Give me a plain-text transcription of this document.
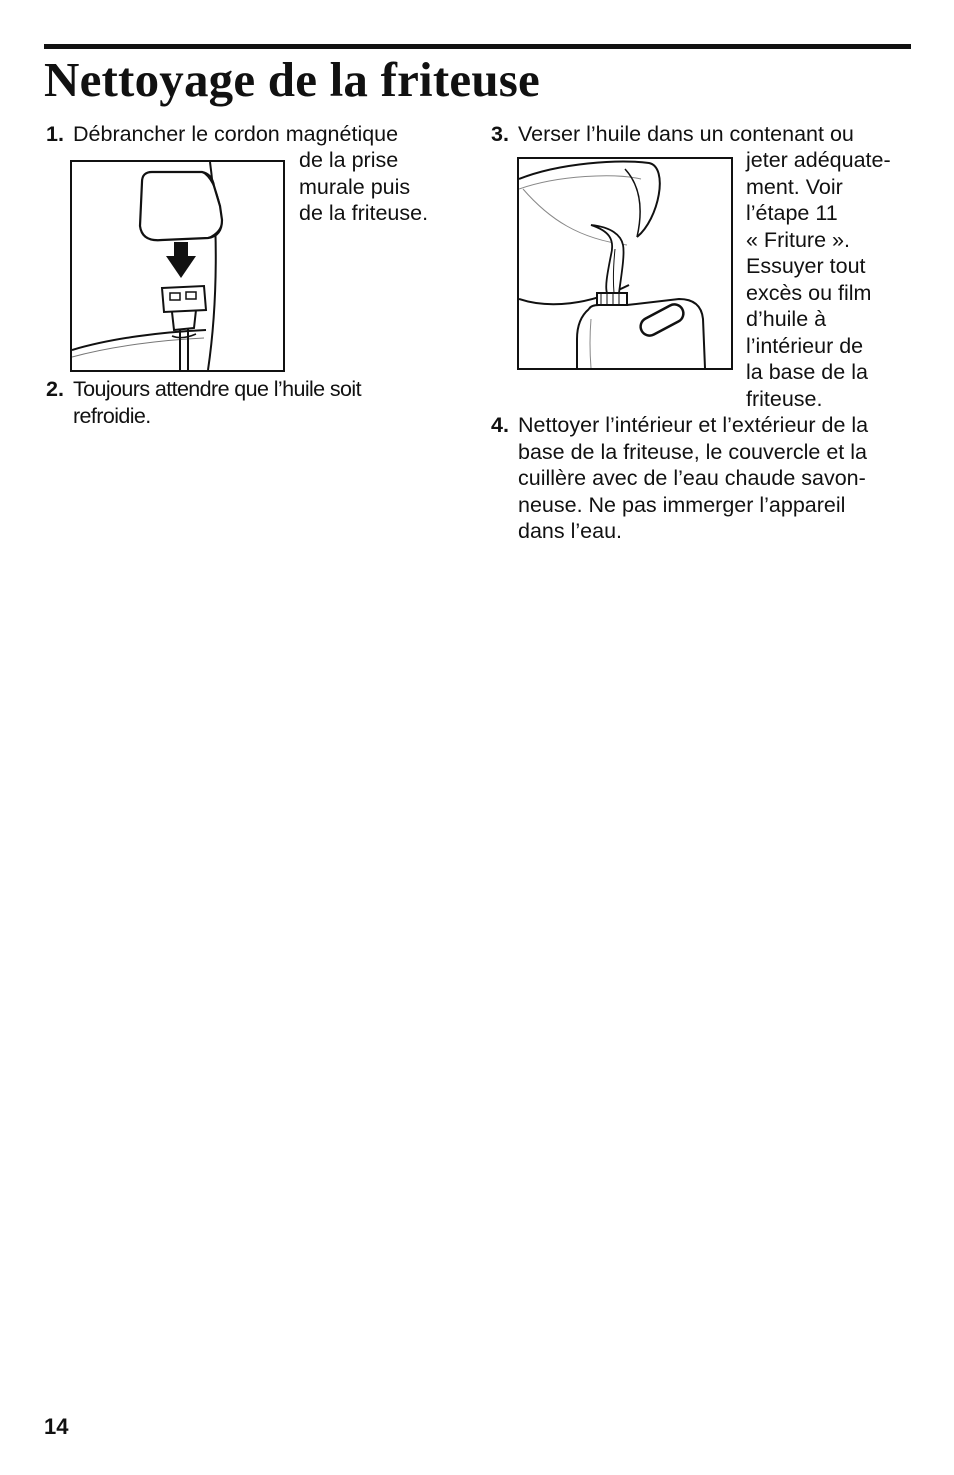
Nettoyage de la friteuse
1. Débrancher le cordon magnétique
de la prise
murale puis
de la friteuse.
2. Toujours attendre que l’huile soit
refroidie.
3. Verser l’huile dans un contenant ou
jeter adéquate-
ment. Voir
l’étape 11
« Friture ».
Essuyer tout
excès ou film
d’huile à
l’intérieur de
la base de la
friteuse.
4. Nettoyer l’intérieur et l’extérieur de la
base de la friteuse, le couvercle et la
cuillère avec de l’eau chaude savon-
neuse. Ne pas immerger l’appareil
dans l’eau.
14
